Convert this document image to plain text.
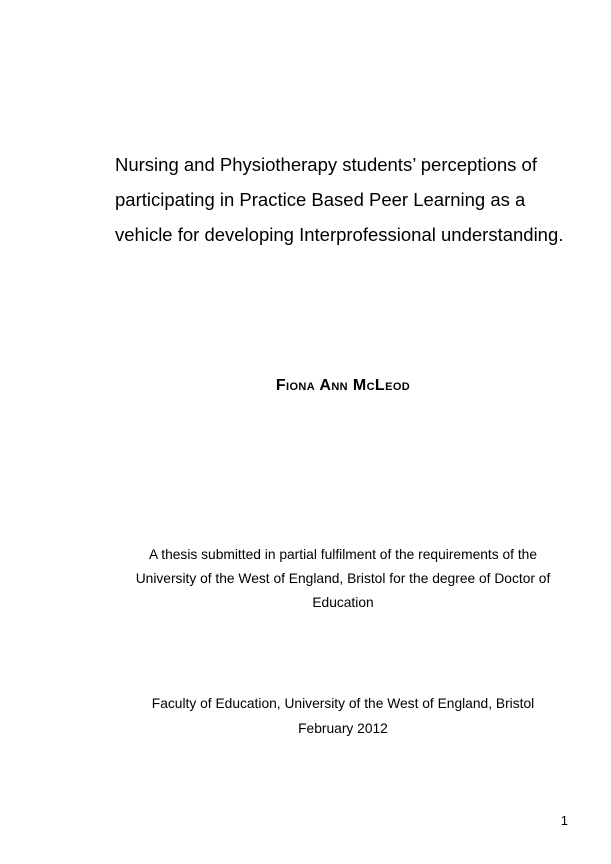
Nursing and Physiotherapy students’ perceptions of
participating in Practice Based Peer Learning as a
vehicle for developing Interprofessional understanding.
Fiona Ann McLeod
A thesis submitted in partial fulfilment of the requirements of the
University of the West of England, Bristol for the degree of Doctor of
Education
Faculty of Education, University of the West of England, Bristol
February 2012
1
